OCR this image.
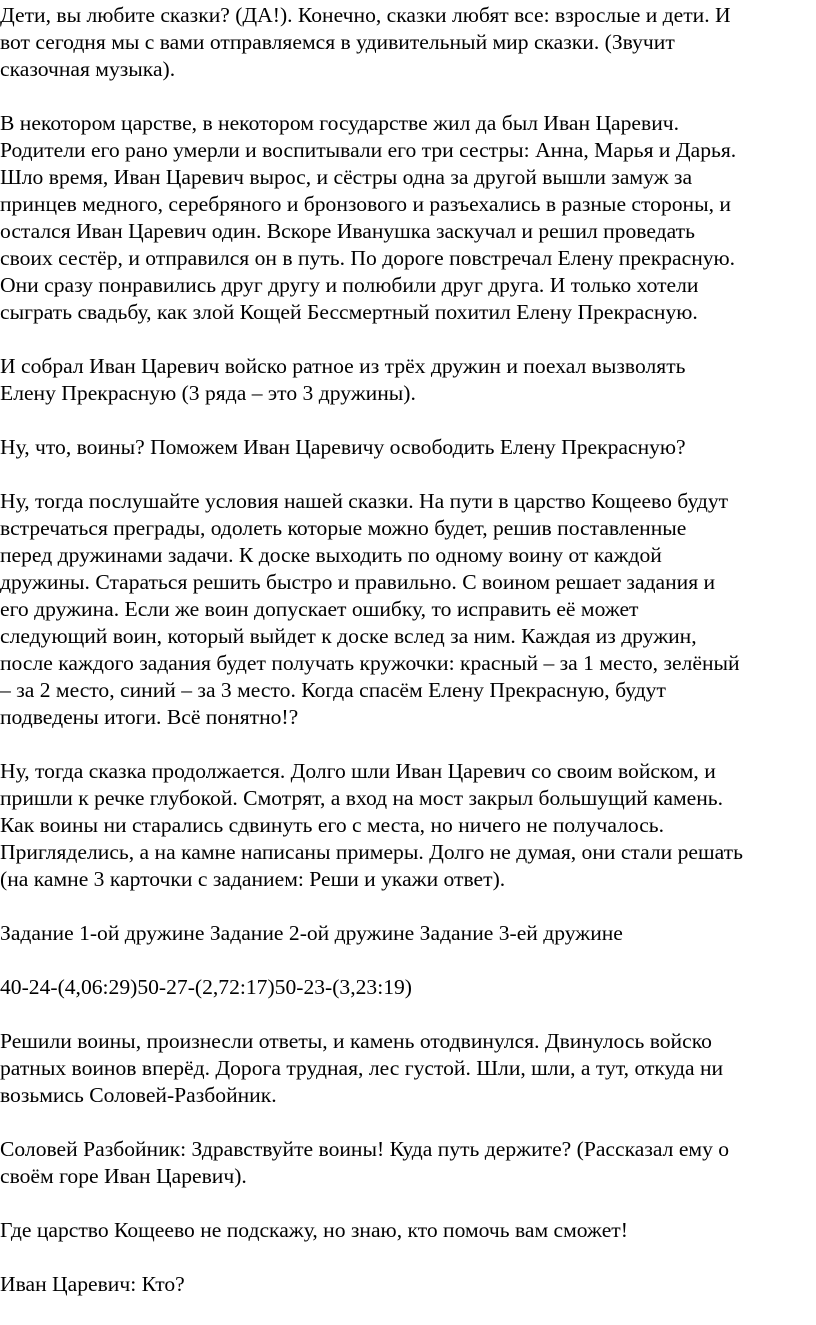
Дети, вы любите сказки? (ДА!). Конечно, сказки любят все: взрослые и дети. И
вот сегодня мы с вами отправляемся в удивительный мир сказки. (Звучит
сказочная музыка).

В некотором царстве, в некотором государстве жил да был Иван Царевич.
Родители его рано умерли и воспитывали его три сестры: Анна, Марья и Дарья.
Шло время, Иван Царевич вырос, и сёстры одна за другой вышли замуж за
принцев медного, серебряного и бронзового и разъехались в разные стороны, и
остался Иван Царевич один. Вскоре Иванушка заскучал и решил проведать
своих сестёр, и отправился он в путь. По дороге повстречал Елену прекрасную.
Они сразу понравились друг другу и полюбили друг друга. И только хотели
сыграть свадьбу, как злой Кощей Бессмертный похитил Елену Прекрасную.

И собрал Иван Царевич войско ратное из трёх дружин и поехал вызволять
Елену Прекрасную (3 ряда – это 3 дружины).

Ну, что, воины? Поможем Иван Царевичу освободить Елену Прекрасную?

Ну, тогда послушайте условия нашей сказки. На пути в царство Кощеево будут
встречаться преграды, одолеть которые можно будет, решив поставленные
перед дружинами задачи. К доске выходить по одному воину от каждой
дружины. Стараться решить быстро и правильно. С воином решает задания и
его дружина. Если же воин допускает ошибку, то исправить её может
следующий воин, который выйдет к доске вслед за ним. Каждая из дружин,
после каждого задания будет получать кружочки: красный – за 1 место, зелёный
– за 2 место, синий – за 3 место. Когда спасём Елену Прекрасную, будут
подведены итоги. Всё понятно!?

Ну, тогда сказка продолжается. Долго шли Иван Царевич со своим войском, и
пришли к речке глубокой. Смотрят, а вход на мост закрыл большущий камень.
Как воины ни старались сдвинуть его с места, но ничего не получалось.
Пригляделись, а на камне написаны примеры. Долго не думая, они стали решать
(на камне 3 карточки с заданием: Реши и укажи ответ).

Задание 1-ой дружине Задание 2-ой дружине Задание 3-ей дружине

40-24-(4,06:29)50-27-(2,72:17)50-23-(3,23:19)

Решили воины, произнесли ответы, и камень отодвинулся. Двинулось войско
ратных воинов вперёд. Дорога трудная, лес густой. Шли, шли, а тут, откуда ни
возьмись Соловей-Разбойник.

Соловей Разбойник: Здравствуйте воины! Куда путь держите? (Рассказал ему о
своём горе Иван Царевич).

Где царство Кощеево не подскажу, но знаю, кто помочь вам сможет!

Иван Царевич: Кто?
